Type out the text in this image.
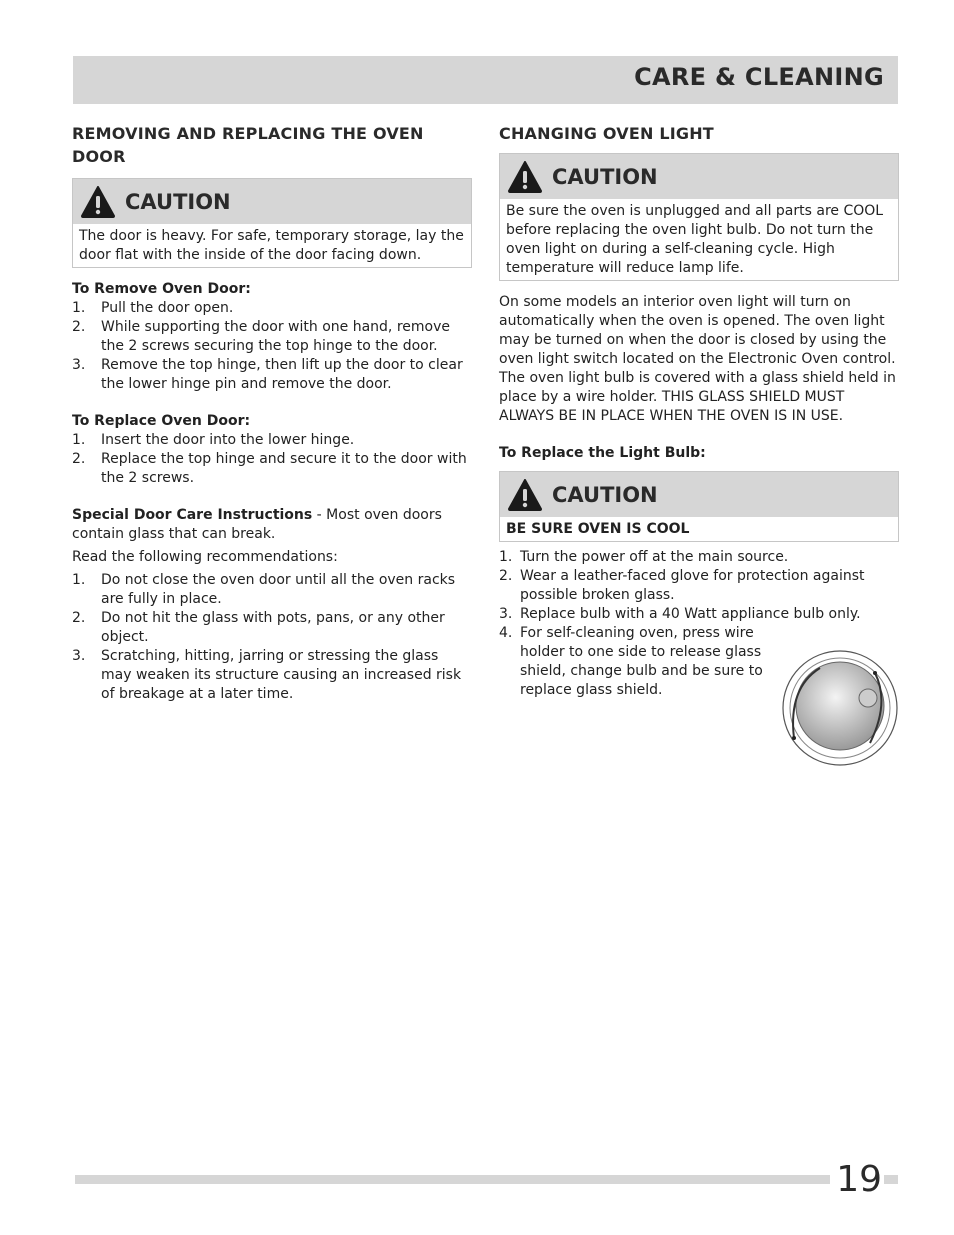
CARE & CLEANING
REMOVING AND REPLACING THE OVEN DOOR
CAUTION
The door is heavy. For safe, temporary storage, lay the door flat with the inside of the door facing down.
To Remove Oven Door:
1.	Pull the door open.
2.	While supporting the door with one hand, remove the 2 screws securing the top hinge to the door.
3.	Remove the top hinge, then lift up the door to clear the lower hinge pin and remove the door.
To Replace Oven Door:
1.	Insert the door into the lower hinge.
2.	Replace the top hinge and secure it to the door with the 2 screws.

Special Door Care Instructions - Most oven doors contain glass that can break.

Read the following recommendations:

1.	Do not close the oven door until all the oven racks are fully in place.
2.	Do not hit the glass with pots, pans, or any other object.
3.	Scratching, hitting, jarring or stressing the glass may weaken its structure causing an increased risk of breakage at a later time.
CHANGING OVEN LIGHT
CAUTION
Be sure the oven is unplugged and all parts are COOL before replacing the oven light bulb. Do not turn the oven light on during a self-cleaning cycle. High temperature will reduce lamp life.

On some models an interior oven light will turn on automatically when the oven is opened. The oven light may be turned on when the door is closed by using the oven light switch located on the Electronic Oven control. The oven light bulb is covered with a glass shield held in place by a wire holder. THIS GLASS SHIELD MUST ALWAYS BE IN PLACE WHEN THE OVEN IS IN USE.

To Replace the Light Bulb:
CAUTION
BE SURE OVEN IS COOL
1. Turn the power off at the main source.
2. Wear a leather-faced glove for protection against possible broken glass.
3. Replace bulb with a 40 Watt appliance bulb only.
4. For self-cleaning oven, press wire holder to one side to release glass shield, change bulb and be sure to replace glass shield.
19
